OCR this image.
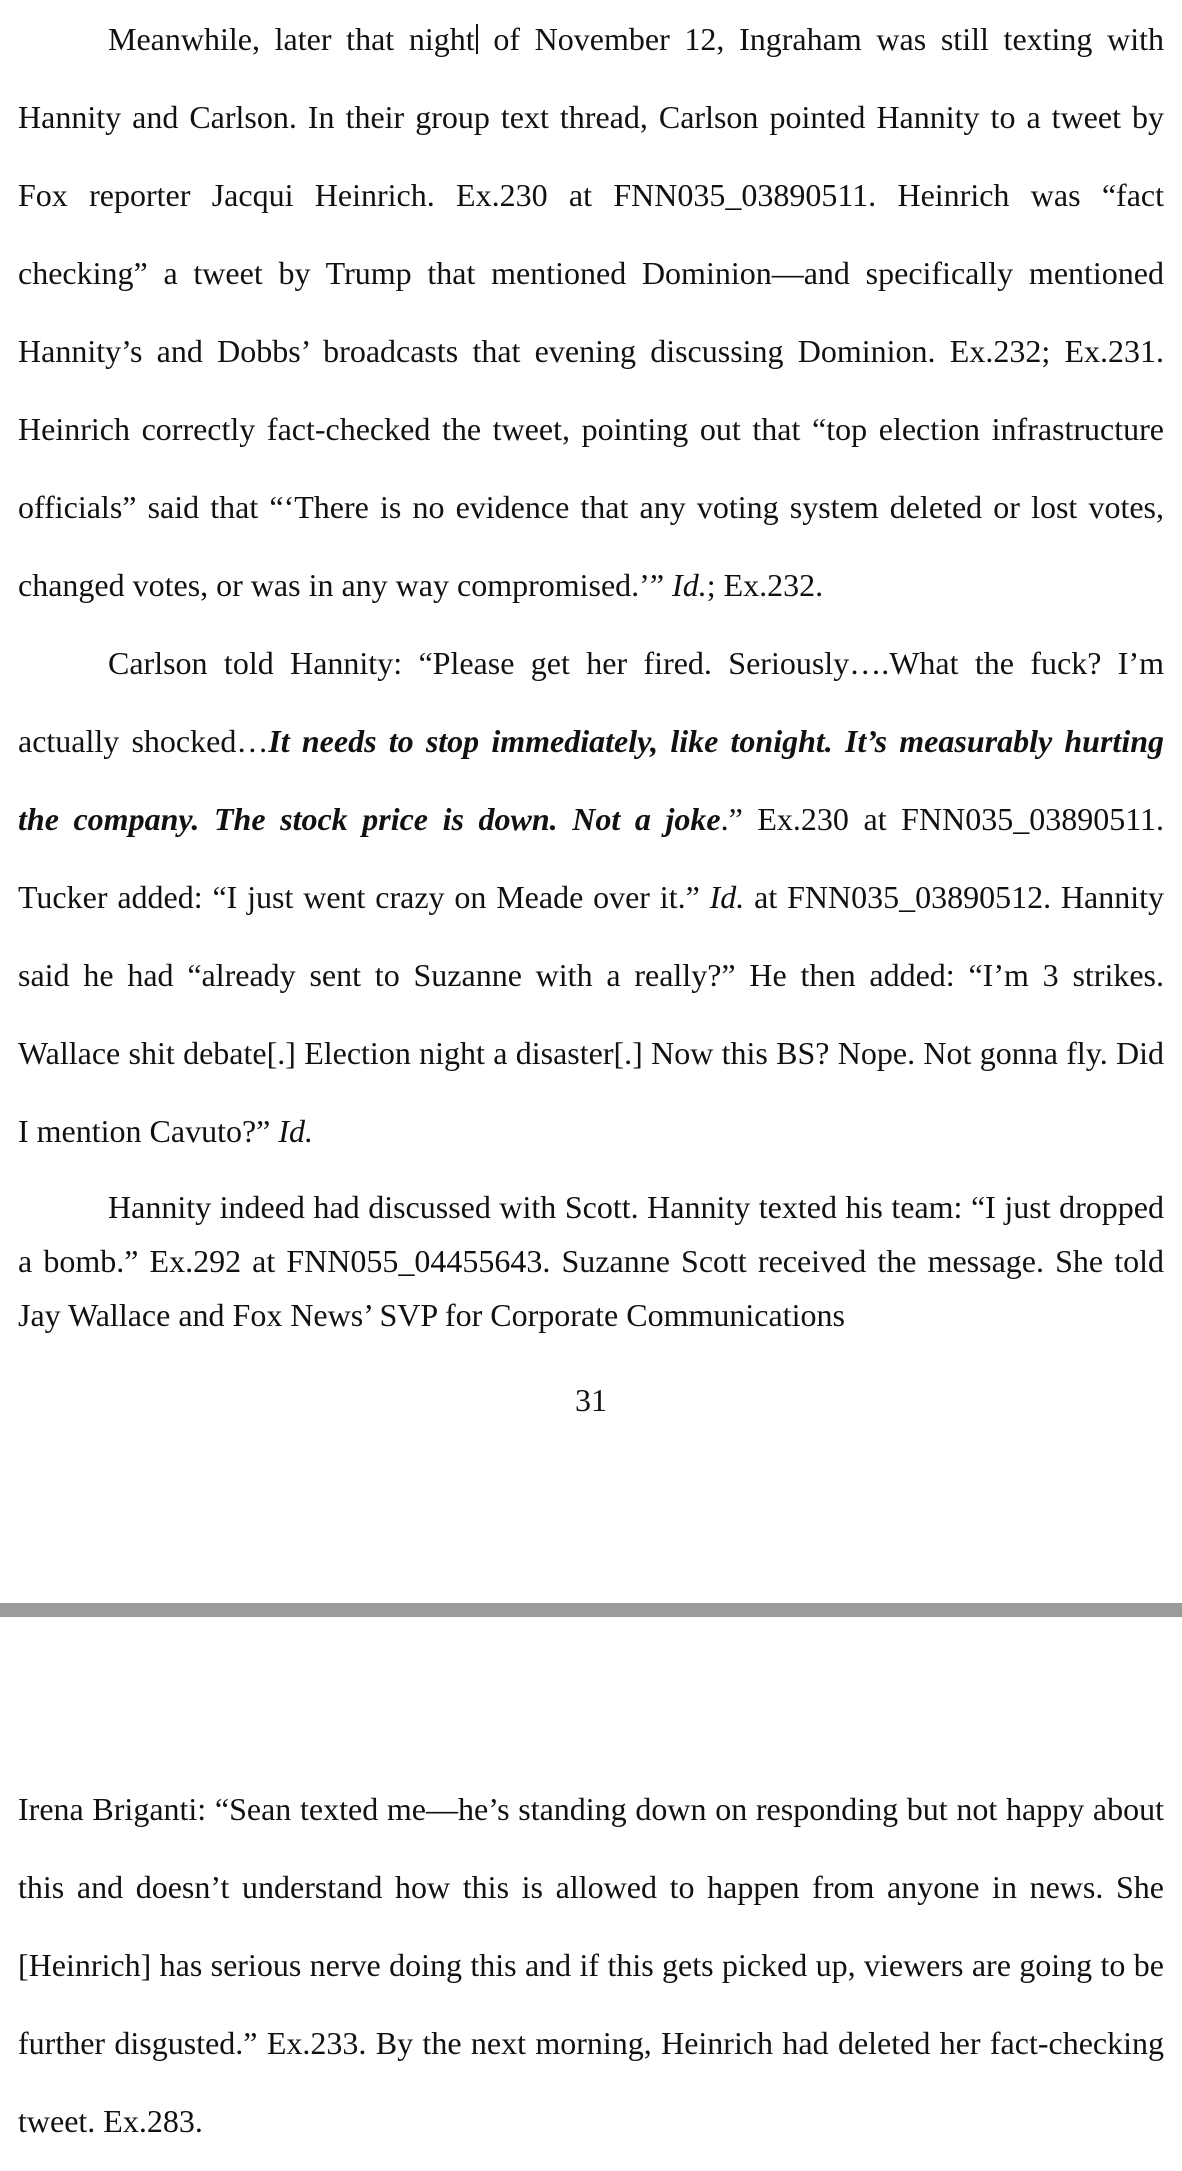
Meanwhile, later that night of November 12, Ingraham was still texting with Hannity and Carlson. In their group text thread, Carlson pointed Hannity to a tweet by Fox reporter Jacqui Heinrich. Ex.230 at FNN035_03890511. Heinrich was “fact checking” a tweet by Trump that mentioned Dominion—and specifically mentioned Hannity’s and Dobbs’ broadcasts that evening discussing Dominion. Ex.232; Ex.231. Heinrich correctly fact-checked the tweet, pointing out that “top election infrastructure officials” said that “‘There is no evidence that any voting system deleted or lost votes, changed votes, or was in any way compromised.’” Id.; Ex.232.

Carlson told Hannity: “Please get her fired. Seriously….What the fuck? I’m actually shocked…It needs to stop immediately, like tonight. It’s measurably hurting the company. The stock price is down. Not a joke.” Ex.230 at FNN035_03890511. Tucker added: “I just went crazy on Meade over it.” Id. at FNN035_03890512. Hannity said he had “already sent to Suzanne with a really?” He then added: “I’m 3 strikes. Wallace shit debate[.] Election night a disaster[.] Now this BS? Nope. Not gonna fly. Did I mention Cavuto?” Id.

Hannity indeed had discussed with Scott. Hannity texted his team: “I just dropped a bomb.” Ex.292 at FNN055_04455643. Suzanne Scott received the message. She told Jay Wallace and Fox News’ SVP for Corporate Communications

31

Irena Briganti: “Sean texted me—he’s standing down on responding but not happy about this and doesn’t understand how this is allowed to happen from anyone in news. She [Heinrich] has serious nerve doing this and if this gets picked up, viewers are going to be further disgusted.” Ex.233. By the next morning, Heinrich had deleted her fact-checking tweet. Ex.283.
